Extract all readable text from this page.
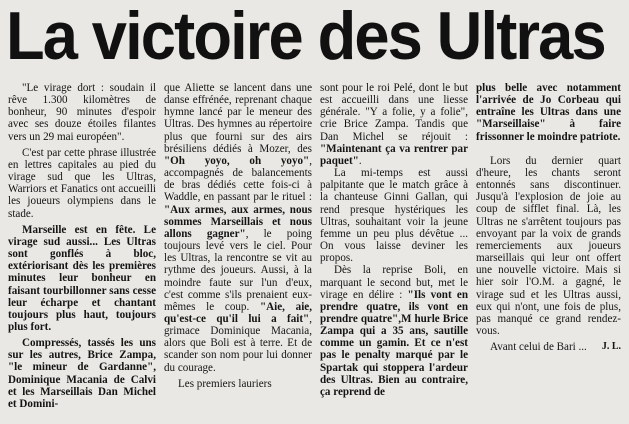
La victoire des Ultras

"Le virage dort : soudain il rêve 1.300 kilomètres de bonheur, 90 minutes d'espoir avec ses douze étoiles filantes vers un 29 mai européen".

C'est par cette phrase illustrée en lettres capitales au pied du virage sud que les Ultras, Warriors et Fanatics ont accueilli les joueurs olympiens dans le stade.

Marseille est en fête. Le virage sud aussi... Les Ultras sont gonflés à bloc, extériorisant dès les premières minutes leur bonheur en faisant tourbillonner sans cesse leur écharpe et chantant toujours plus haut, toujours plus fort.

Compressés, tassés les uns sur les autres, Brice Zampa, "le mineur de Gardanne", Dominique Macania de Calvi et les Marseillais Dan Michel et Domini-

que Aliette se lancent dans une danse effrénée, reprenant chaque hymne lancé par le meneur des Ultras. Des hymnes au répertoire plus que fourni sur des airs brésiliens dédiés à Mozer, des "Oh yoyo, oh yoyo", accompagnés de balancements de bras dédiés cette fois-ci à Waddle, en passant par le rituel : "Aux armes, aux armes, nous sommes Marseillais et nous allons gagner", le poing toujours levé vers le ciel. Pour les Ultras, la rencontre se vit au rythme des joueurs. Aussi, à la moindre faute sur l'un d'eux, c'est comme s'ils prenaient eux-mêmes le coup. "Aie, aie, qu'est-ce qu'il lui a fait", grimace Dominique Macania, alors que Boli est à terre. Et de scander son nom pour lui donner du courage.

Les premiers lauriers

sont pour le roi Pelé, dont le but est accueilli dans une liesse générale. "Y a folie, y a folie", crie Brice Zampa. Tandis que Dan Michel se réjouit : "Maintenant ça va rentrer par paquet".

La mi-temps est aussi palpitante que le match grâce à la chanteuse Ginni Gallan, qui rend presque hystériques les Ultras, souhaitant voir la jeune femme un peu plus dévêtue ... On vous laisse deviner les propos.

Dès la reprise Boli, en marquant le second but, met le virage en délire : "Ils vont en prendre quatre, ils vont en prendre quatre",M hurle Brice Zampa qui a 35 ans, sautille comme un gamin. Et ce n'est pas le penalty marqué par le Spartak qui stoppera l'ardeur des Ultras. Bien au contraire, ça reprend de

plus belle avec notamment l'arrivée de Jo Corbeau qui entraîne les Ultras dans une "Marseillaise" à faire frissonner le moindre patriote.

Lors du dernier quart d'heure, les chants seront entonnés sans discontinuer. Jusqu'à l'explosion de joie au coup de sifflet final. Là, les Ultras ne s'arrêtent toujours pas envoyant par la voix de grands remerciements aux joueurs marseillais qui leur ont offert une nouvelle victoire. Mais si hier soir l'O.M. a gagné, le virage sud et les Ultras aussi, eux qui n'ont, une fois de plus, pas manqué ce grand rendez-vous.

Avant celui de Bari ...	J. L.
